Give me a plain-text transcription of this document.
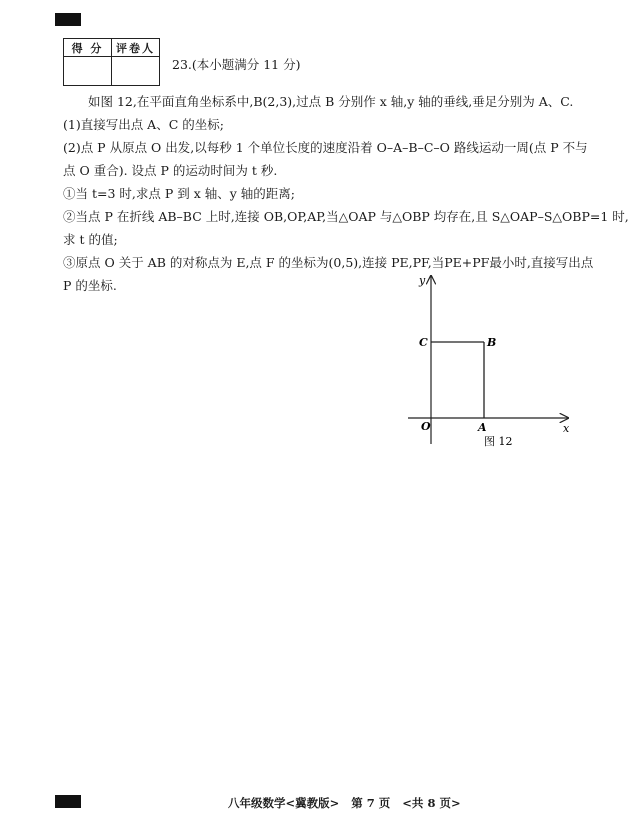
得 分	评卷人

23.(本小题满分 11 分)

如图 12,在平面直角坐标系中,B(2,3),过点 B 分别作 x 轴,y 轴的垂线,垂足分别为 A、C.

(1)直接写出点 A、C 的坐标;

(2)点 P 从原点 O 出发,以每秒 1 个单位长度的速度沿着 O–A–B–C–O 路线运动一周(点 P 不与

点 O 重合). 设点 P 的运动时间为 t 秒.

①当 t=3 时,求点 P 到 x 轴、y 轴的距离;

②当点 P 在折线 AB–BC 上时,连接 OB,OP,AP,当△OAP 与△OBP 均存在,且 S△OAP–S△OBP=1 时,

求 t 的值;

③原点 O 关于 AB 的对称点为 E,点 F 的坐标为(0,5),连接 PE,PF,当PE+PF最小时,直接写出点

P 的坐标.	y
x
O	A
B
C
图 12
八年级数学<冀教版>   第 7 页   <共 8 页>
